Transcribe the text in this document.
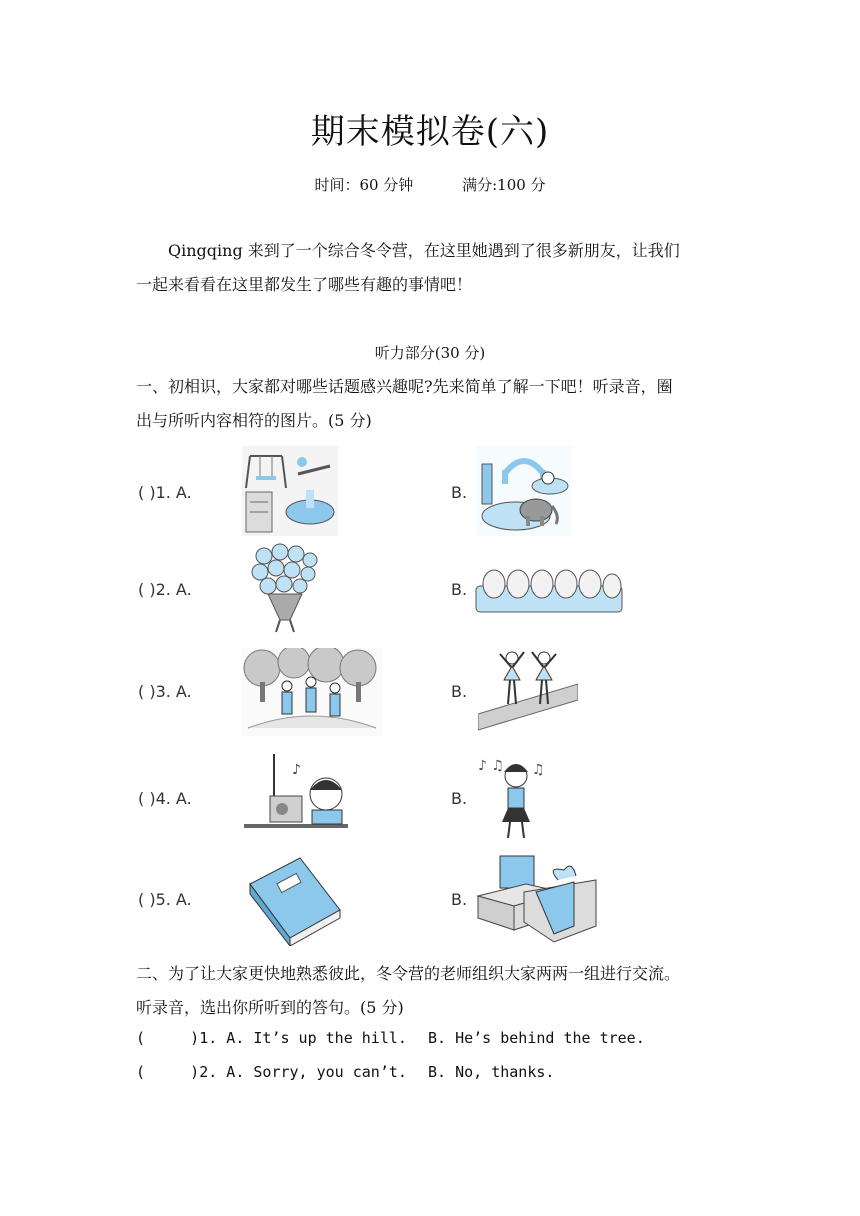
期末模拟卷(六)
时间：60 分钟	满分:100 分
Qingqing 来到了一个综合冬令营，在这里她遇到了很多新朋友，让我们
一起来看看在这里都发生了哪些有趣的事情吧！
听力部分(30 分)
一、初相识，大家都对哪些话题感兴趣呢?先来简单了解一下吧！听录音，圈
出与所听内容相符的图片。(5 分)
( )1. A.	B.
( )2. A.	B.
( )3. A.	B.
( )4. A.
♪
B.
♪ ♫ ♫
( )5. A.	B.
二、为了让大家更快地熟悉彼此，冬令营的老师组织大家两两一组进行交流。
听录音，选出你所听到的答句。(5 分)
(     )1. A. It’s up the hill. B. He’s behind the tree.
(     )2. A. Sorry, you can’t. B. No, thanks.
